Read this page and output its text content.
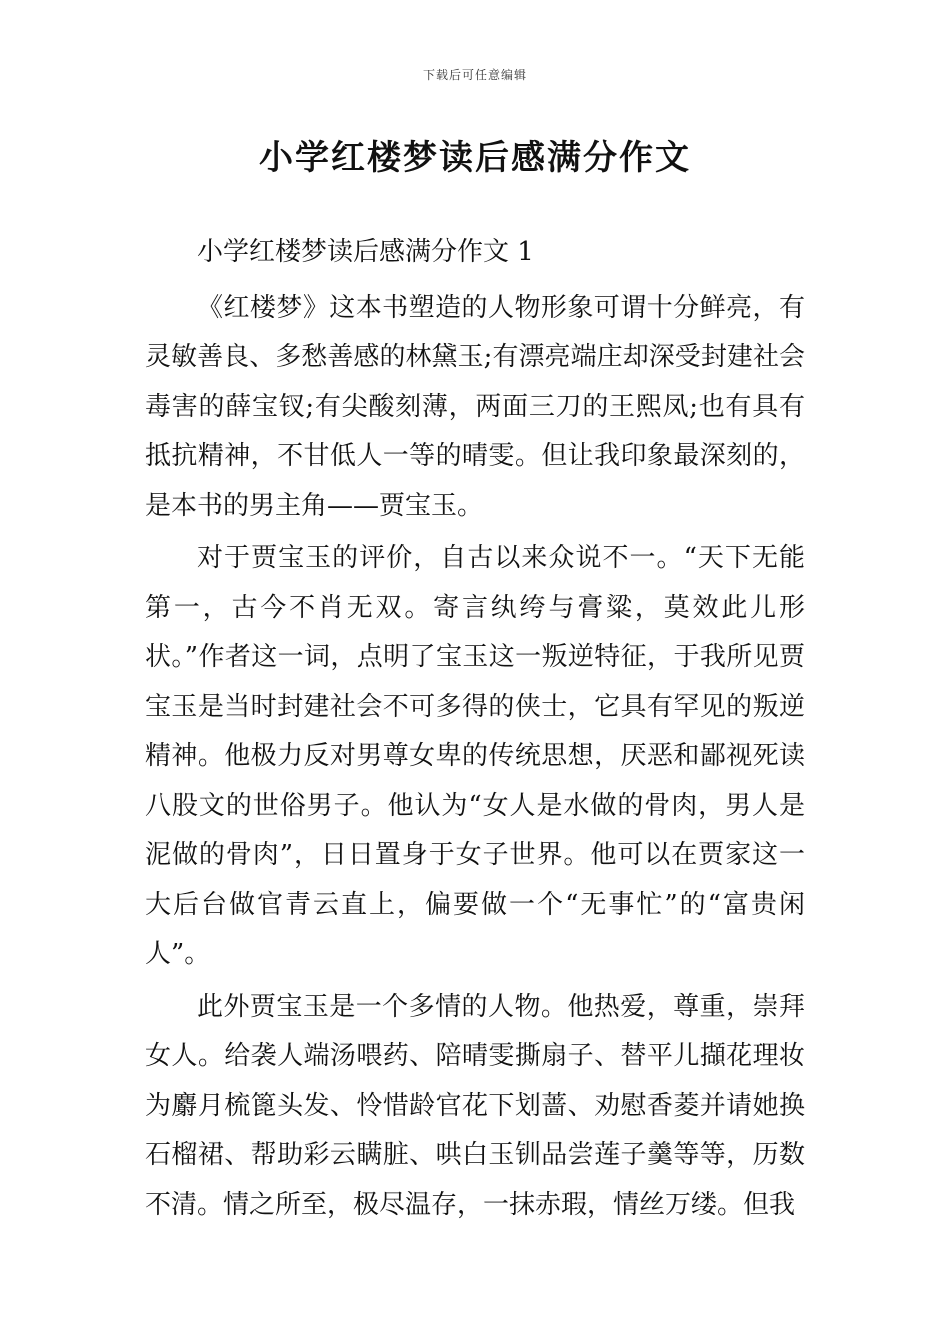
下载后可任意编辑
小学红楼梦读后感满分作文
小学红楼梦读后感满分作文 1

《红楼梦》这本书塑造的人物形象可谓十分鲜亮，有灵敏善良、多愁善感的林黛玉;有漂亮端庄却深受封建社会毒害的薛宝钗;有尖酸刻薄，两面三刀的王熙凤;也有具有抵抗精神，不甘低人一等的晴雯。但让我印象最深刻的，是本书的男主角——贾宝玉。

对于贾宝玉的评价，自古以来众说不一。“天下无能第一，古今不肖无双。寄言纨绔与膏粱，莫效此儿形状。”作者这一词，点明了宝玉这一叛逆特征，于我所见贾宝玉是当时封建社会不可多得的侠士，它具有罕见的叛逆精神。他极力反对男尊女卑的传统思想，厌恶和鄙视死读八股文的世俗男子。他认为“女人是水做的骨肉，男人是泥做的骨肉”，日日置身于女子世界。他可以在贾家这一大后台做官青云直上，偏要做一个“无事忙”的“富贵闲人”。

此外贾宝玉是一个多情的人物。他热爱，尊重，崇拜女人。给袭人端汤喂药、陪晴雯撕扇子、替平儿擷花理妆为麝月梳篦头发、怜惜龄官花下划蔷、劝慰香菱并请她换石榴裙、帮助彩云瞒脏、哄白玉钏品尝莲子羹等等，历数不清。情之所至，极尽温存，一抹赤瑕，情丝万缕。但我
